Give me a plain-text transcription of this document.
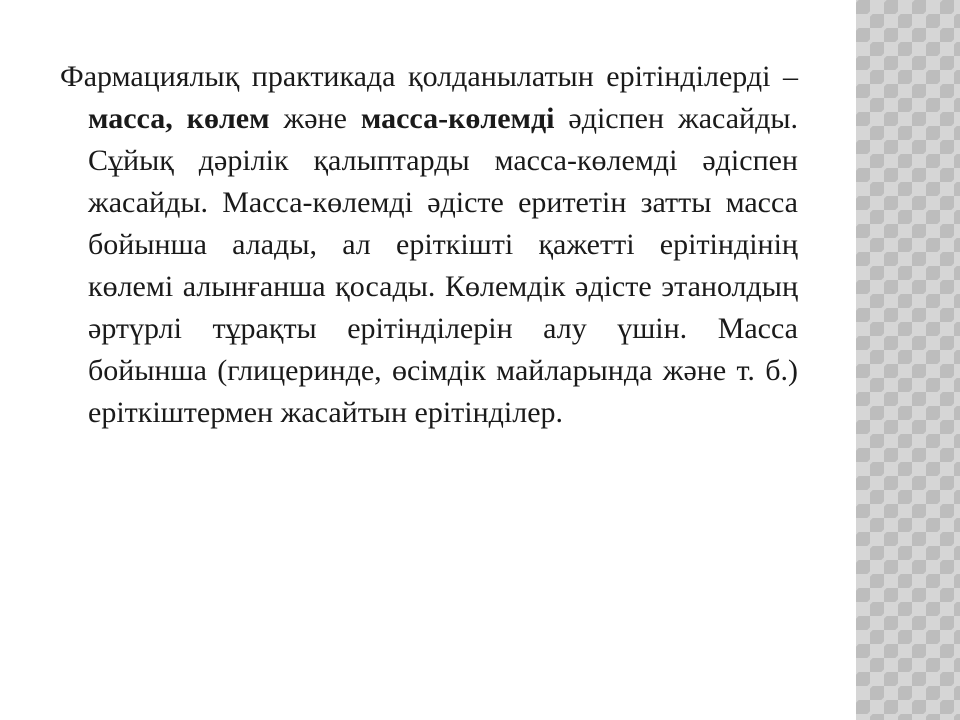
Фармациялық практикада қолданылатын ерітінділерді – масса, көлем және масса-көлемді әдіспен жасайды. Сұйық дәрілік қалыптарды масса-көлемді әдіспен жасайды. Масса-көлемді әдісте еритетін затты масса бойынша алады, ал еріткішті қажетті ерітіндінің көлемі алынғанша қосады. Көлемдік әдісте этанолдың әртүрлі тұрақты ерітінділерін алу үшін. Масса бойынша (глицеринде, өсімдік майларында және т. б.) еріткіштермен жасайтын ерітінділер.
